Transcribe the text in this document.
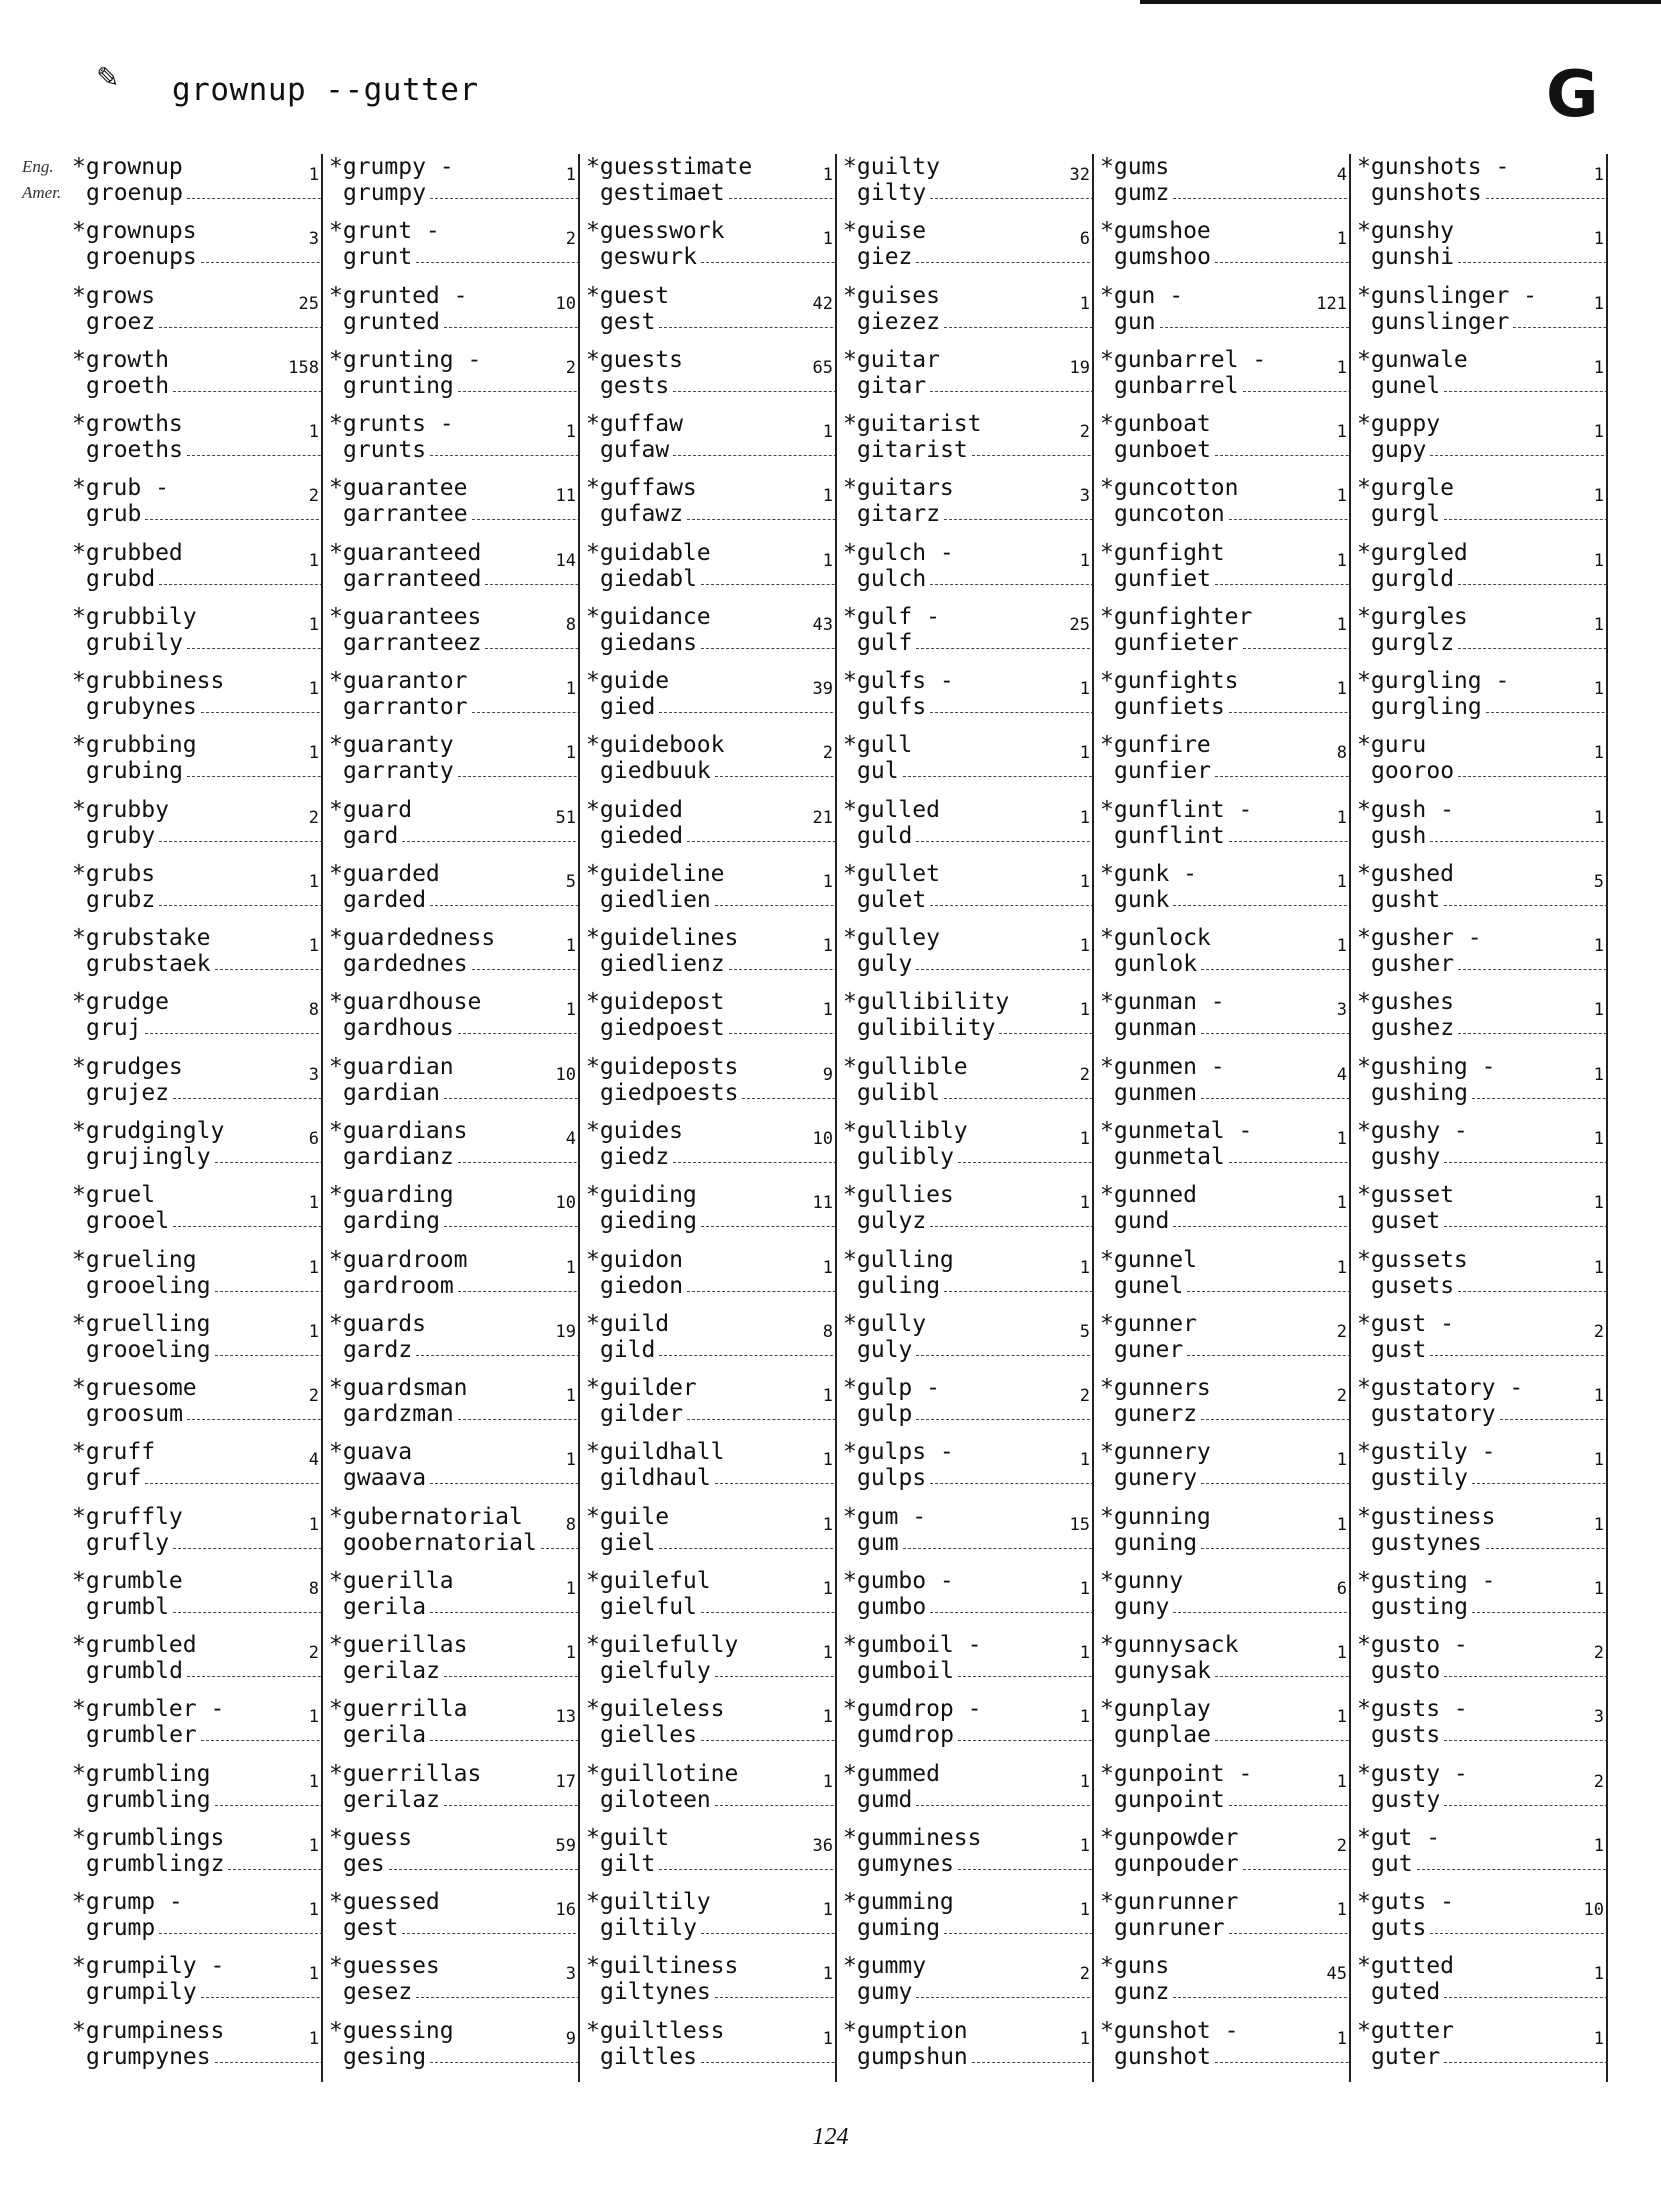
✎ grownup --gutter	G
Eng.
Amer.
*grownup
groenup
1
*grownups
groenups
3
*grows
groez
25
*growth
groeth
158
*growths
groeths
1
*grub -
grub
2
*grubbed
grubd
1
*grubbily
grubily
1
*grubbiness
grubynes
1
*grubbing
grubing
1
*grubby
gruby
2
*grubs
grubz
1
*grubstake
grubstaek
1
*grudge
gruj
8
*grudges
grujez
3
*grudgingly
grujingly
6
*gruel
grooel
1
*grueling
grooeling
1
*gruelling
grooeling
1
*gruesome
groosum
2
*gruff
gruf
4
*gruffly
grufly
1
*grumble
grumbl
8
*grumbled
grumbld
2
*grumbler -
grumbler
1
*grumbling
grumbling
1
*grumblings
grumblingz
1
*grump -
grump
1
*grumpily -
grumpily
1
*grumpiness
grumpynes
1
*grumpy -
grumpy
1
*grunt -
grunt
2
*grunted -
grunted
10
*grunting -
grunting
2
*grunts -
grunts
1
*guarantee
garrantee
11
*guaranteed
garranteed
14
*guarantees
garranteez
8
*guarantor
garrantor
1
*guaranty
garranty
1
*guard
gard
51
*guarded
garded
5
*guardedness
gardednes
1
*guardhouse
gardhous
1
*guardian
gardian
10
*guardians
gardianz
4
*guarding
garding
10
*guardroom
gardroom
1
*guards
gardz
19
*guardsman
gardzman
1
*guava
gwaava
1
*gubernatorial
goobernatorial
8
*guerilla
gerila
1
*guerillas
gerilaz
1
*guerrilla
gerila
13
*guerrillas
gerilaz
17
*guess
ges
59
*guessed
gest
16
*guesses
gesez
3
*guessing
gesing
9
*guesstimate
gestimaet
1
*guesswork
geswurk
1
*guest
gest
42
*guests
gests
65
*guffaw
gufaw
1
*guffaws
gufawz
1
*guidable
giedabl
1
*guidance
giedans
43
*guide
gied
39
*guidebook
giedbuuk
2
*guided
gieded
21
*guideline
giedlien
1
*guidelines
giedlienz
1
*guidepost
giedpoest
1
*guideposts
giedpoests
9
*guides
giedz
10
*guiding
gieding
11
*guidon
giedon
1
*guild
gild
8
*guilder
gilder
1
*guildhall
gildhaul
1
*guile
giel
1
*guileful
gielful
1
*guilefully
gielfuly
1
*guileless
gielles
1
*guillotine
giloteen
1
*guilt
gilt
36
*guiltily
giltily
1
*guiltiness
giltynes
1
*guiltless
giltles
1
*guilty
gilty
32
*guise
giez
6
*guises
giezez
1
*guitar
gitar
19
*guitarist
gitarist
2
*guitars
gitarz
3
*gulch -
gulch
1
*gulf -
gulf
25
*gulfs -
gulfs
1
*gull
gul
1
*gulled
guld
1
*gullet
gulet
1
*gulley
guly
1
*gullibility
gulibility
1
*gullible
gulibl
2
*gullibly
gulibly
1
*gullies
gulyz
1
*gulling
guling
1
*gully
guly
5
*gulp -
gulp
2
*gulps -
gulps
1
*gum -
gum
15
*gumbo -
gumbo
1
*gumboil -
gumboil
1
*gumdrop -
gumdrop
1
*gummed
gumd
1
*gumminess
gumynes
1
*gumming
guming
1
*gummy
gumy
2
*gumption
gumpshun
1
*gums
gumz
4
*gumshoe
gumshoo
1
*gun -
gun
121
*gunbarrel -
gunbarrel
1
*gunboat
gunboet
1
*guncotton
guncoton
1
*gunfight
gunfiet
1
*gunfighter
gunfieter
1
*gunfights
gunfiets
1
*gunfire
gunfier
8
*gunflint -
gunflint
1
*gunk -
gunk
1
*gunlock
gunlok
1
*gunman -
gunman
3
*gunmen -
gunmen
4
*gunmetal -
gunmetal
1
*gunned
gund
1
*gunnel
gunel
1
*gunner
guner
2
*gunners
gunerz
2
*gunnery
gunery
1
*gunning
guning
1
*gunny
guny
6
*gunnysack
gunysak
1
*gunplay
gunplae
1
*gunpoint -
gunpoint
1
*gunpowder
gunpouder
2
*gunrunner
gunruner
1
*guns
gunz
45
*gunshot -
gunshot
1
*gunshots -
gunshots
1
*gunshy
gunshi
1
*gunslinger -
gunslinger
1
*gunwale
gunel
1
*guppy
gupy
1
*gurgle
gurgl
1
*gurgled
gurgld
1
*gurgles
gurglz
1
*gurgling -
gurgling
1
*guru
gooroo
1
*gush -
gush
1
*gushed
gusht
5
*gusher -
gusher
1
*gushes
gushez
1
*gushing -
gushing
1
*gushy -
gushy
1
*gusset
guset
1
*gussets
gusets
1
*gust -
gust
2
*gustatory -
gustatory
1
*gustily -
gustily
1
*gustiness
gustynes
1
*gusting -
gusting
1
*gusto -
gusto
2
*gusts -
gusts
3
*gusty -
gusty
2
*gut -
gut
1
*guts -
guts
10
*gutted
guted
1
*gutter
guter
1
124
